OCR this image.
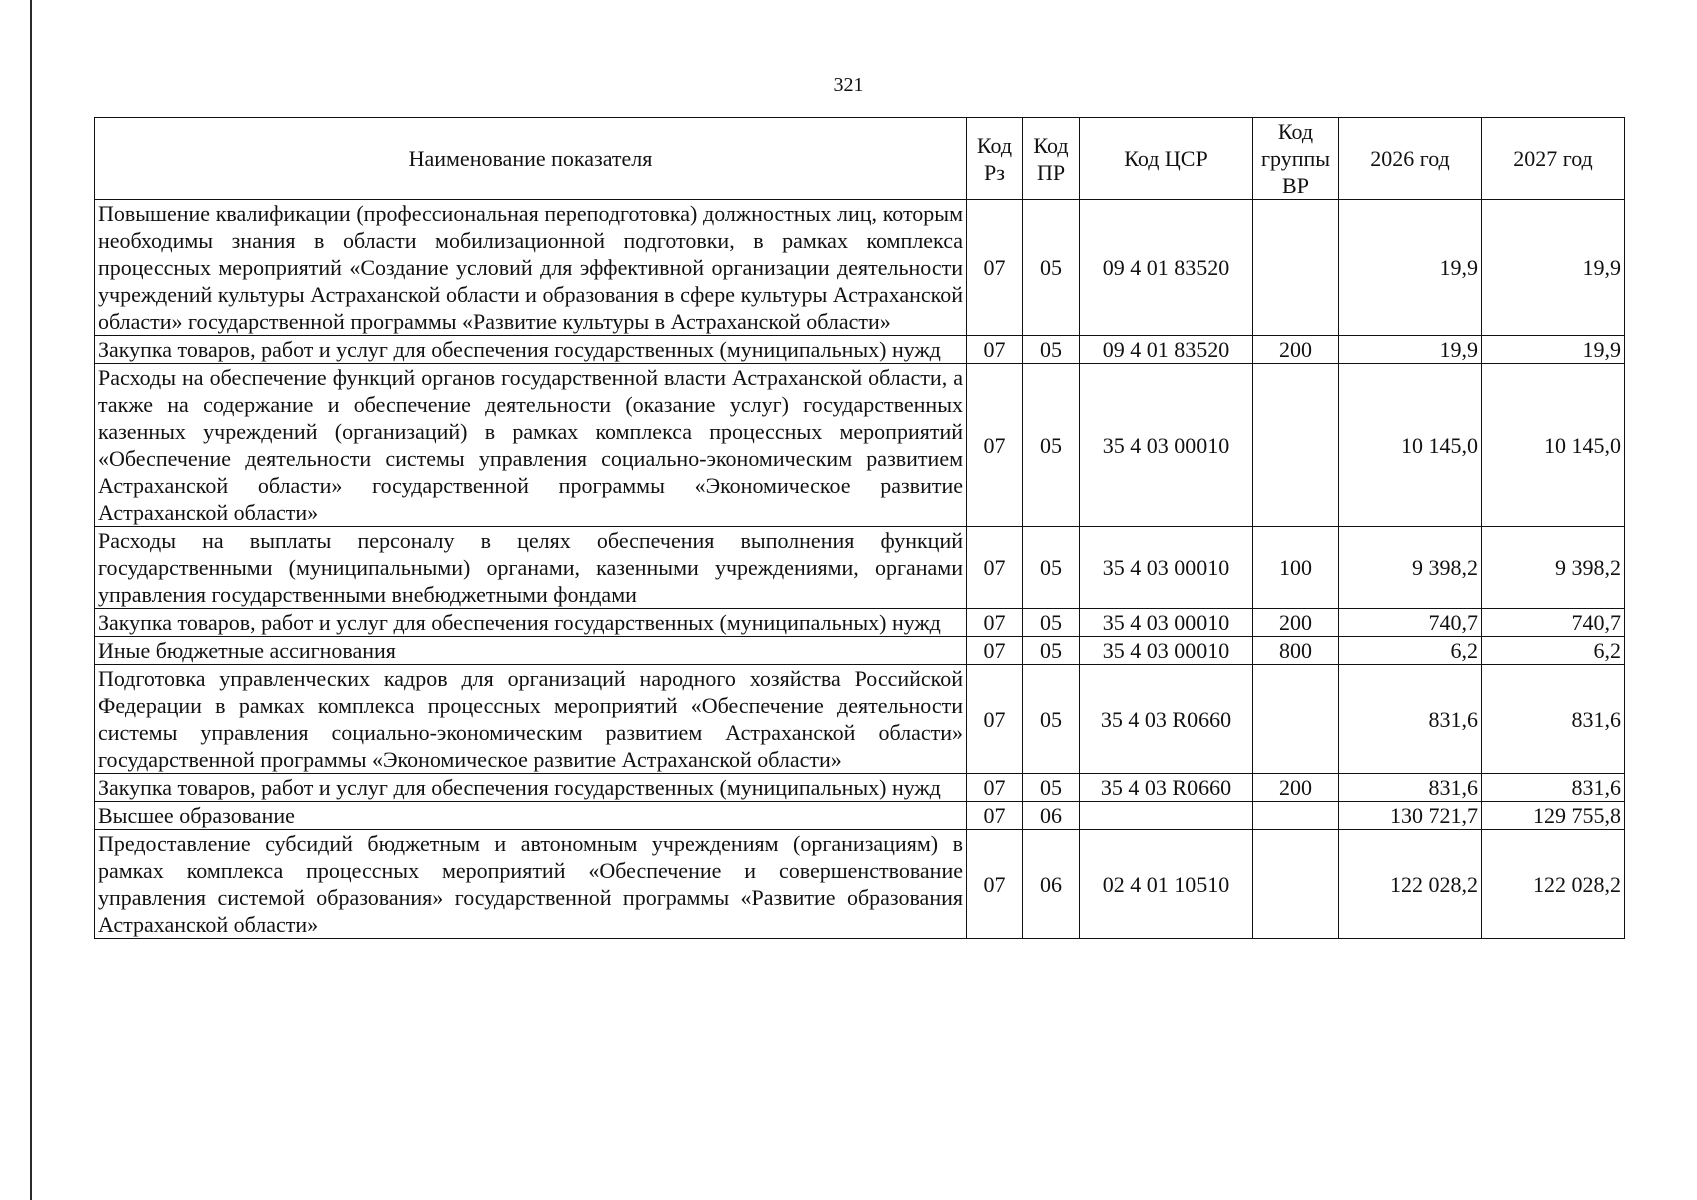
321
Наименование показателя	Код Рз	Код ПР	Код ЦСР	Код группы ВР	2026 год	2027 год
Повышение квалификации (профессиональная переподготовка) должностных лиц, которым необходимы знания в области мобилизационной подготовки, в рамках комплекса процессных мероприятий «Создание условий для эффективной организации деятельности учреждений культуры Астраханской области и образования в сфере культуры Астраханской области» государственной программы «Развитие культуры в Астраханской области»	07	05	09 4 01 83520		19,9	19,9
Закупка товаров, работ и услуг для обеспечения государственных (муниципальных) нужд	07	05	09 4 01 83520	200	19,9	19,9
Расходы на обеспечение функций органов государственной власти Астраханской области, а также на содержание и обеспечение деятельности (оказание услуг) государственных казенных учреждений (организаций) в рамках комплекса процессных мероприятий «Обеспечение деятельности системы управления социально-экономическим развитием Астраханской области» государственной программы «Экономическое развитие Астраханской области»	07	05	35 4 03 00010		10 145,0	10 145,0
Расходы на выплаты персоналу в целях обеспечения выполнения функций государственными (муниципальными) органами, казенными учреждениями, органами управления государственными внебюджетными фондами	07	05	35 4 03 00010	100	9 398,2	9 398,2
Закупка товаров, работ и услуг для обеспечения государственных (муниципальных) нужд	07	05	35 4 03 00010	200	740,7	740,7
Иные бюджетные ассигнования	07	05	35 4 03 00010	800	6,2	6,2
Подготовка управленческих кадров для организаций народного хозяйства Российской Федерации в рамках комплекса процессных мероприятий «Обеспечение деятельности системы управления социально-экономическим развитием Астраханской области» государственной программы «Экономическое развитие Астраханской области»	07	05	35 4 03 R0660		831,6	831,6
Закупка товаров, работ и услуг для обеспечения государственных (муниципальных) нужд	07	05	35 4 03 R0660	200	831,6	831,6
Высшее образование	07	06			130 721,7	129 755,8
Предоставление субсидий бюджетным и автономным учреждениям (организациям) в рамках комплекса процессных мероприятий «Обеспечение и совершенствование управления системой образования» государственной программы «Развитие образования Астраханской области»	07	06	02 4 01 10510		122 028,2	122 028,2
